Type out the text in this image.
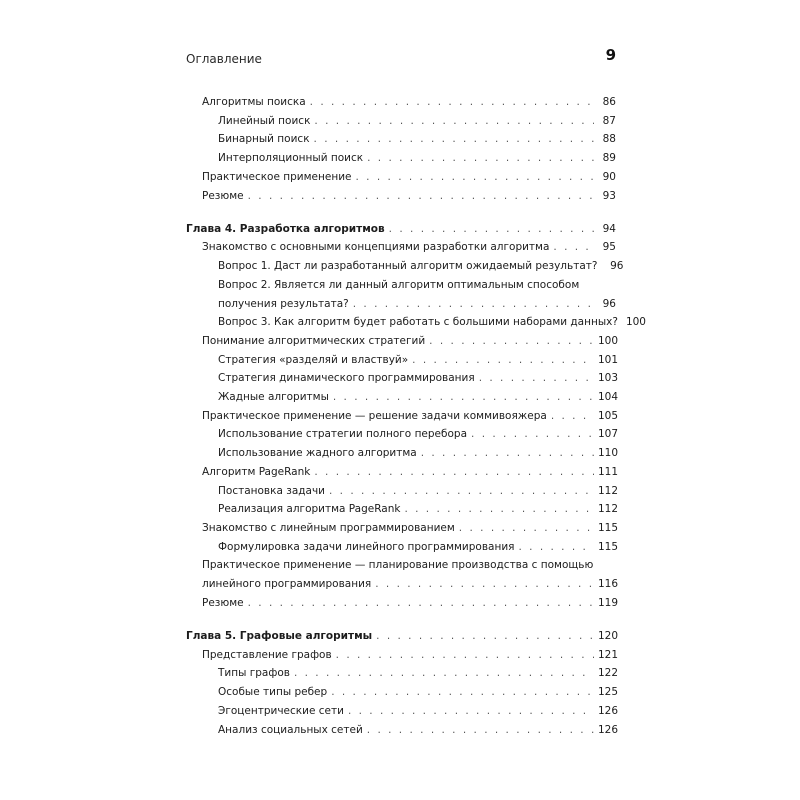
Оглавление	9
Алгоритмы поиска . . .	86
Линейный поиск . . .	87
Бинарный поиск . . .	88
Интерполяционный поиск . . .	89
Практическое применение . . .	90
Резюме . . .	93
Глава 4. Разработка алгоритмов . . .	94
Знакомство с основными концепциями разработки алгоритма . . .	95
Вопрос 1. Даст ли разработанный алгоритм ожидаемый результат?	96
Вопрос 2. Является ли данный алгоритм оптимальным способом
получения результата? . . .	96
Вопрос 3. Как алгоритм будет работать с большими наборами данных? 100
Понимание алгоритмических стратегий . . .	100
Стратегия «разделяй и властвуй» . . .	101
Стратегия динамического программирования . . .	103
Жадные алгоритмы . . .	104
Практическое применение — решение задачи коммивояжера . . .	105
Использование стратегии полного перебора . . .	107
Использование жадного алгоритма . . .	110
Алгоритм PageRank . . .	111
Постановка задачи . . .	112
Реализация алгоритма PageRank . . .	112
Знакомство с линейным программированием . . .	115
Формулировка задачи линейного программирования . . .	115
Практическое применение — планирование производства с помощью
линейного программирования . . .	116
Резюме . . .	119
Глава 5. Графовые алгоритмы . . .	120
Представление графов . . .	121
Типы графов . . .	122
Особые типы ребер . . .	125
Эгоцентрические сети . . .	126
Анализ социальных сетей . . .	126
